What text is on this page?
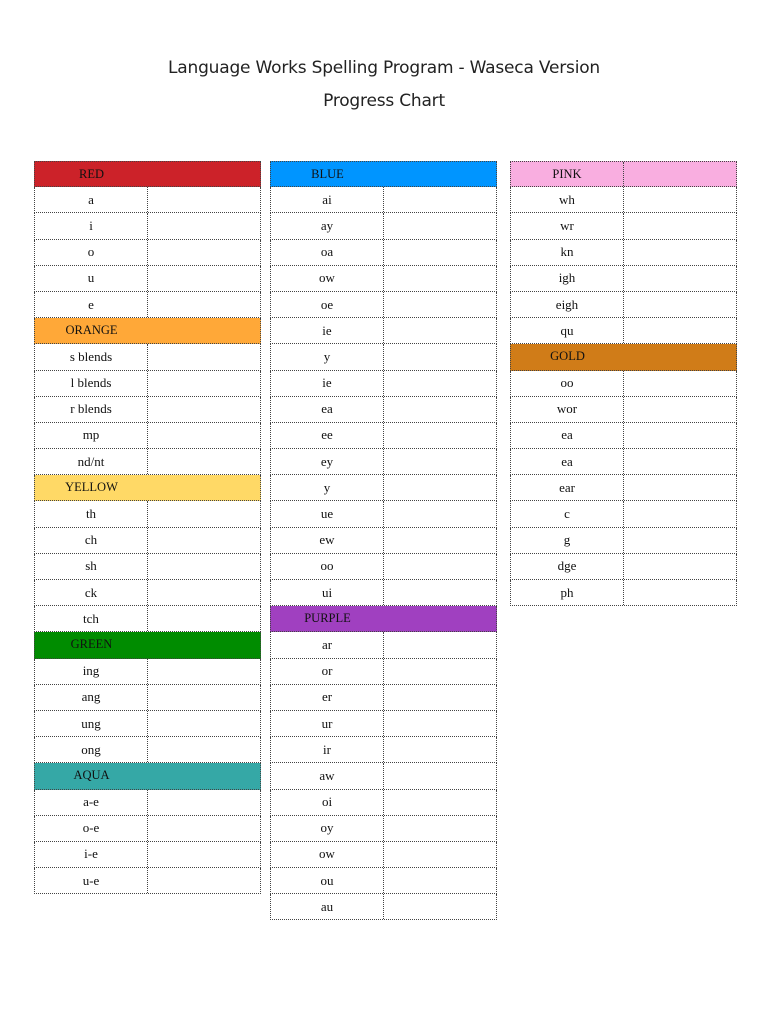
Language Works Spelling Program - Waseca Version
Progress Chart
RED
a
i
o
u
e
ORANGE
s blends
l blends
r blends
mp
nd/nt
YELLOW
th
ch
sh
ck
tch
GREEN
ing
ang
ung
ong
AQUA
a-e
o-e
i-e
u-e
BLUE
ai
ay
oa
ow
oe
ie
y
ie
ea
ee
ey
y
ue
ew
oo
ui
PURPLE
ar
or
er
ur
ir
aw
oi
oy
ow
ou
au
PINK
wh
wr
kn
igh
eigh
qu
GOLD
oo
wor
ea
ea
ear
c
g
dge
ph
